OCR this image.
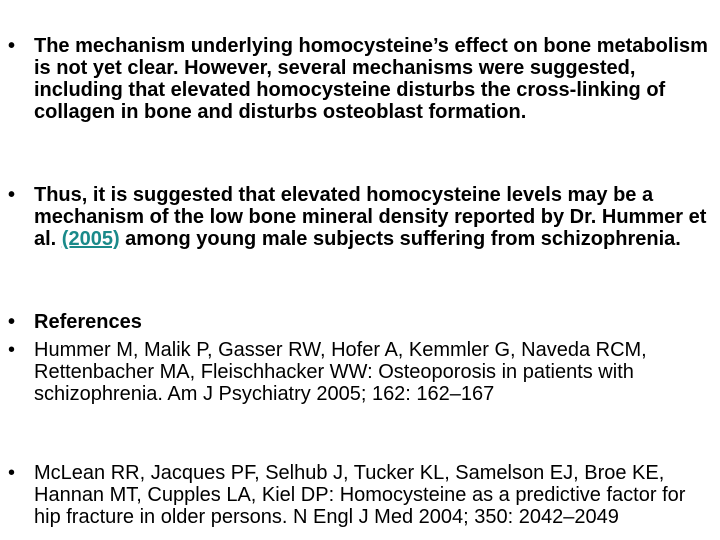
• The mechanism underlying homocysteine’s effect on bone metabolism is not yet clear. However, several mechanisms were suggested, including that elevated homocysteine disturbs the cross-linking of collagen in bone and disturbs osteoblast formation.
• Thus, it is suggested that elevated homocysteine levels may be a mechanism of the low bone mineral density reported by Dr. Hummer et al. (2005) among young male subjects suffering from schizophrenia.
• References
• Hummer M, Malik P, Gasser RW, Hofer A, Kemmler G, Naveda RCM, Rettenbacher MA, Fleischhacker WW: Osteoporosis in patients with schizophrenia. Am J Psychiatry 2005; 162: 162–167
• McLean RR, Jacques PF, Selhub J, Tucker KL, Samelson EJ, Broe KE, Hannan MT, Cupples LA, Kiel DP: Homocysteine as a predictive factor for hip fracture in older persons. N Engl J Med 2004; 350: 2042–2049
